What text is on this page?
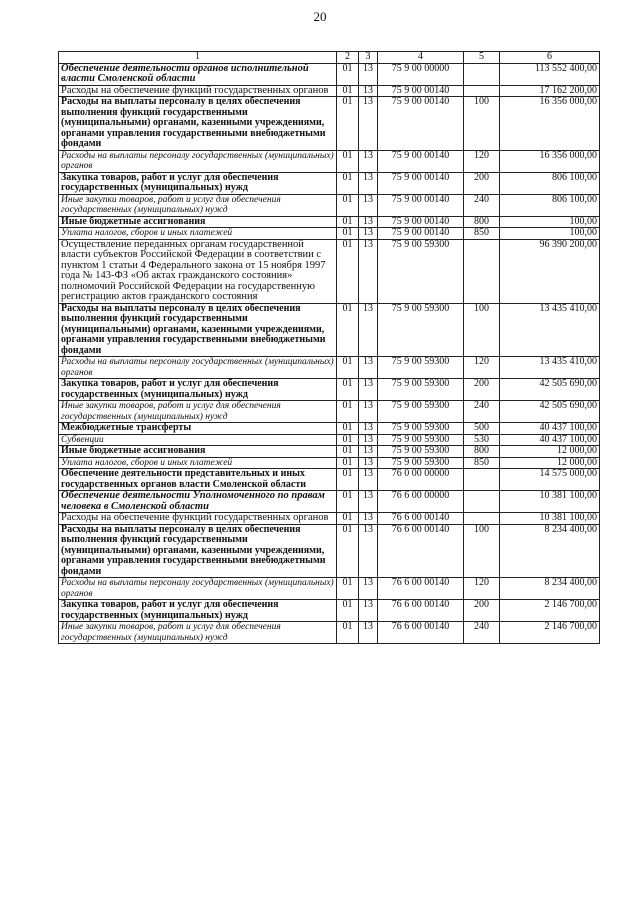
20
1	2	3	4	5	6
Обеспечение деятельности органов исполнительной власти Смоленской области	01	13	75 9 00 00000		113 552 400,00
Расходы на обеспечение функций государственных органов	01	13	75 9 00 00140		17 162 200,00
Расходы на выплаты персоналу в целях обеспечения выполнения функций государственными (муниципальными) органами, казенными учреждениями, органами управления государственными внебюджетными фондами	01	13	75 9 00 00140	100	16 356 000,00
Расходы на выплаты персоналу государственных (муниципальных) органов	01	13	75 9 00 00140	120	16 356 000,00
Закупка товаров, работ и услуг для обеспечения государственных (муниципальных) нужд	01	13	75 9 00 00140	200	806 100,00
Иные закупки товаров, работ и услуг для обеспечения государственных (муниципальных) нужд	01	13	75 9 00 00140	240	806 100,00
Иные бюджетные ассигнования	01	13	75 9 00 00140	800	100,00
Уплата налогов, сборов и иных платежей	01	13	75 9 00 00140	850	100,00
Осуществление переданных органам государственной власти субъектов Российской Федерации в соответствии с пунктом 1 статьи 4 Федерального закона от 15 ноября 1997 года № 143-ФЗ «Об актах гражданского состояния» полномочий Российской Федерации на государственную регистрацию актов гражданского состояния	01	13	75 9 00 59300		96 390 200,00
Расходы на выплаты персоналу в целях обеспечения выполнения функций государственными (муниципальными) органами, казенными учреждениями, органами управления государственными внебюджетными фондами	01	13	75 9 00 59300	100	13 435 410,00
Расходы на выплаты персоналу государственных (муниципальных) органов	01	13	75 9 00 59300	120	13 435 410,00
Закупка товаров, работ и услуг для обеспечения государственных (муниципальных) нужд	01	13	75 9 00 59300	200	42 505 690,00
Иные закупки товаров, работ и услуг для обеспечения государственных (муниципальных) нужд	01	13	75 9 00 59300	240	42 505 690,00
Межбюджетные трансферты	01	13	75 9 00 59300	500	40 437 100,00
Субвенции	01	13	75 9 00 59300	530	40 437 100,00
Иные бюджетные ассигнования	01	13	75 9 00 59300	800	12 000,00
Уплата налогов, сборов и иных платежей	01	13	75 9 00 59300	850	12 000,00
Обеспечение деятельности представительных и иных государственных органов власти Смоленской области	01	13	76 0 00 00000		14 575 000,00
Обеспечение деятельности Уполномоченного по правам человека в Смоленской области	01	13	76 6 00 00000		10 381 100,00
Расходы на обеспечение функций государственных органов	01	13	76 6 00 00140		10 381 100,00
Расходы на выплаты персоналу в целях обеспечения выполнения функций государственными (муниципальными) органами, казенными учреждениями, органами управления государственными внебюджетными фондами	01	13	76 6 00 00140	100	8 234 400,00
Расходы на выплаты персоналу государственных (муниципальных) органов	01	13	76 6 00 00140	120	8 234 400,00
Закупка товаров, работ и услуг для обеспечения государственных (муниципальных) нужд	01	13	76 6 00 00140	200	2 146 700,00
Иные закупки товаров, работ и услуг для обеспечения государственных (муниципальных) нужд	01	13	76 6 00 00140	240	2 146 700,00
